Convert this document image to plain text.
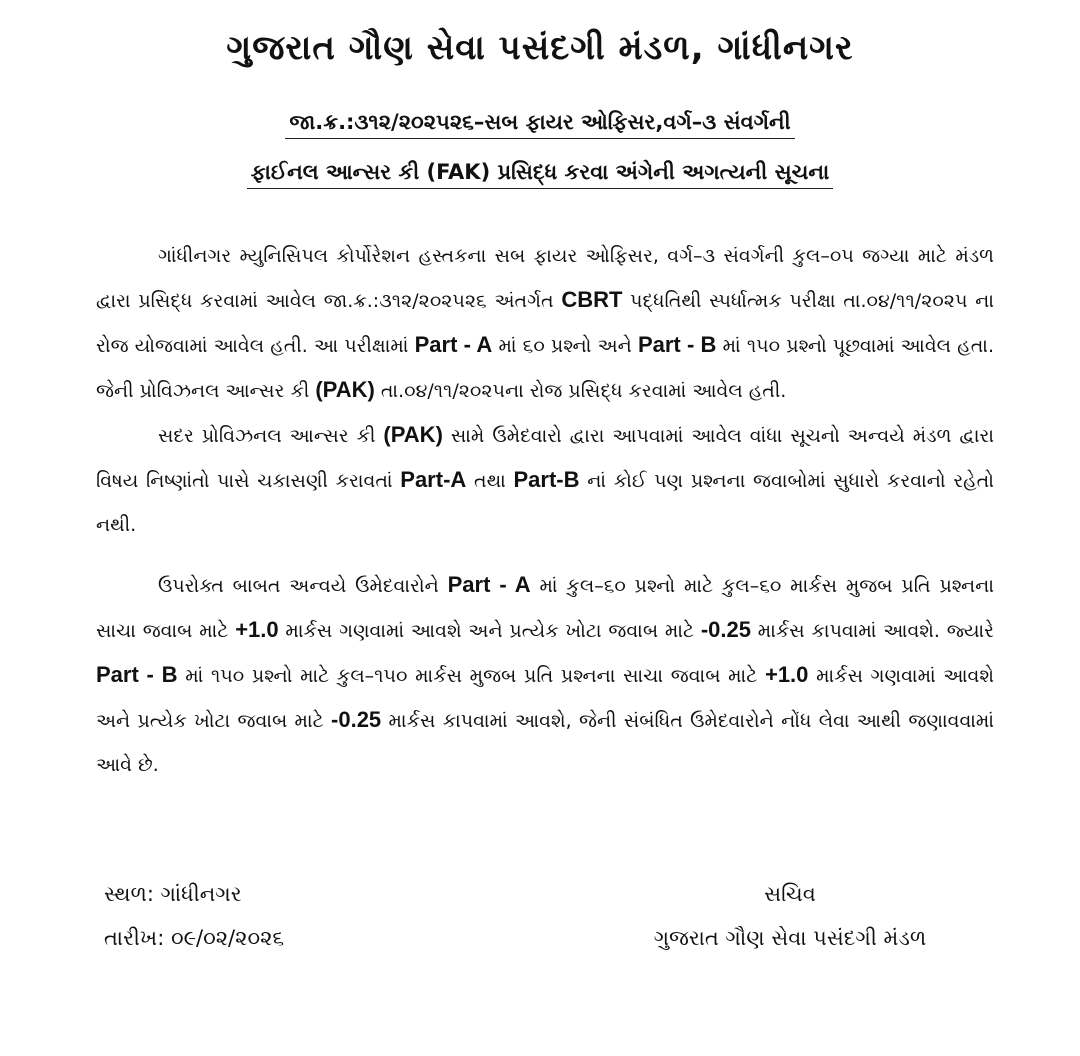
ગુજરાત ગૌણ સેવા પસંદગી મંડળ, ગાંધીનગર
જા.ક્ર.:૩૧૨/૨૦૨૫૨૬–સબ ફાયર ઓફિસર,વર્ગ–૩ સંવર્ગની
ફાઈનલ આન્સર કી (FAK) પ્રસિદ્ધ કરવા અંગેની અગત્યની સૂચના

ગાંધીનગર મ્યુનિસિપલ કોર્પોરેશન હસ્તકના સબ ફાયર ઓફિસર, વર્ગ–૩ સંવર્ગની કુલ–૦૫ જગ્યા માટે મંડળ દ્વારા પ્રસિદ્ધ કરવામાં આવેલ જા.ક્ર.:૩૧૨/૨૦૨૫૨૬ અંતર્ગત CBRT પદ્ધતિથી સ્પર્ધાત્મક પરીક્ષા તા.૦૪/૧૧/૨૦૨૫ ના રોજ યોજવામાં આવેલ હતી. આ પરીક્ષામાં Part - A માં ૬૦ પ્રશ્નો અને Part - B માં ૧૫૦ પ્રશ્નો પૂછવામાં આવેલ હતા. જેની પ્રોવિઝનલ આન્સર કી (PAK) તા.૦૪/૧૧/૨૦૨૫ના રોજ પ્રસિદ્ધ કરવામાં આવેલ હતી.

સદર પ્રોવિઝનલ આન્સર કી (PAK) સામે ઉમેદવારો દ્વારા આપવામાં આવેલ વાંધા સૂચનો અન્વયે મંડળ દ્વારા વિષય નિષ્ણાંતો પાસે ચકાસણી કરાવતાં Part-A તથા Part-B નાં કોઈ પણ પ્રશ્નના જવાબોમાં સુધારો કરવાનો રહેતો નથી.

ઉપરોક્ત બાબત અન્વયે ઉમેદવારોને Part - A માં કુલ–૬૦ પ્રશ્નો માટે કુલ–૬૦ માર્કસ મુજબ પ્રતિ પ્રશ્નના સાચા જવાબ માટે +1.0 માર્કસ ગણવામાં આવશે અને પ્રત્યેક ખોટા જવાબ માટે -0.25 માર્કસ કાપવામાં આવશે. જ્યારે Part - B માં ૧૫૦ પ્રશ્નો માટે કુલ–૧૫૦ માર્કસ મુજબ પ્રતિ પ્રશ્નના સાચા જવાબ માટે +1.0 માર્કસ ગણવામાં આવશે અને પ્રત્યેક ખોટા જવાબ માટે -0.25 માર્કસ કાપવામાં આવશે, જેની સંબંધિત ઉમેદવારોને નોંધ લેવા આથી જણાવવામાં આવે છે.

સ્થળ: ગાંધીનગર
તારીખ: ૦૯/૦૨/૨૦૨૬
સચિવ
ગુજરાત ગૌણ સેવા પસંદગી મંડળ
